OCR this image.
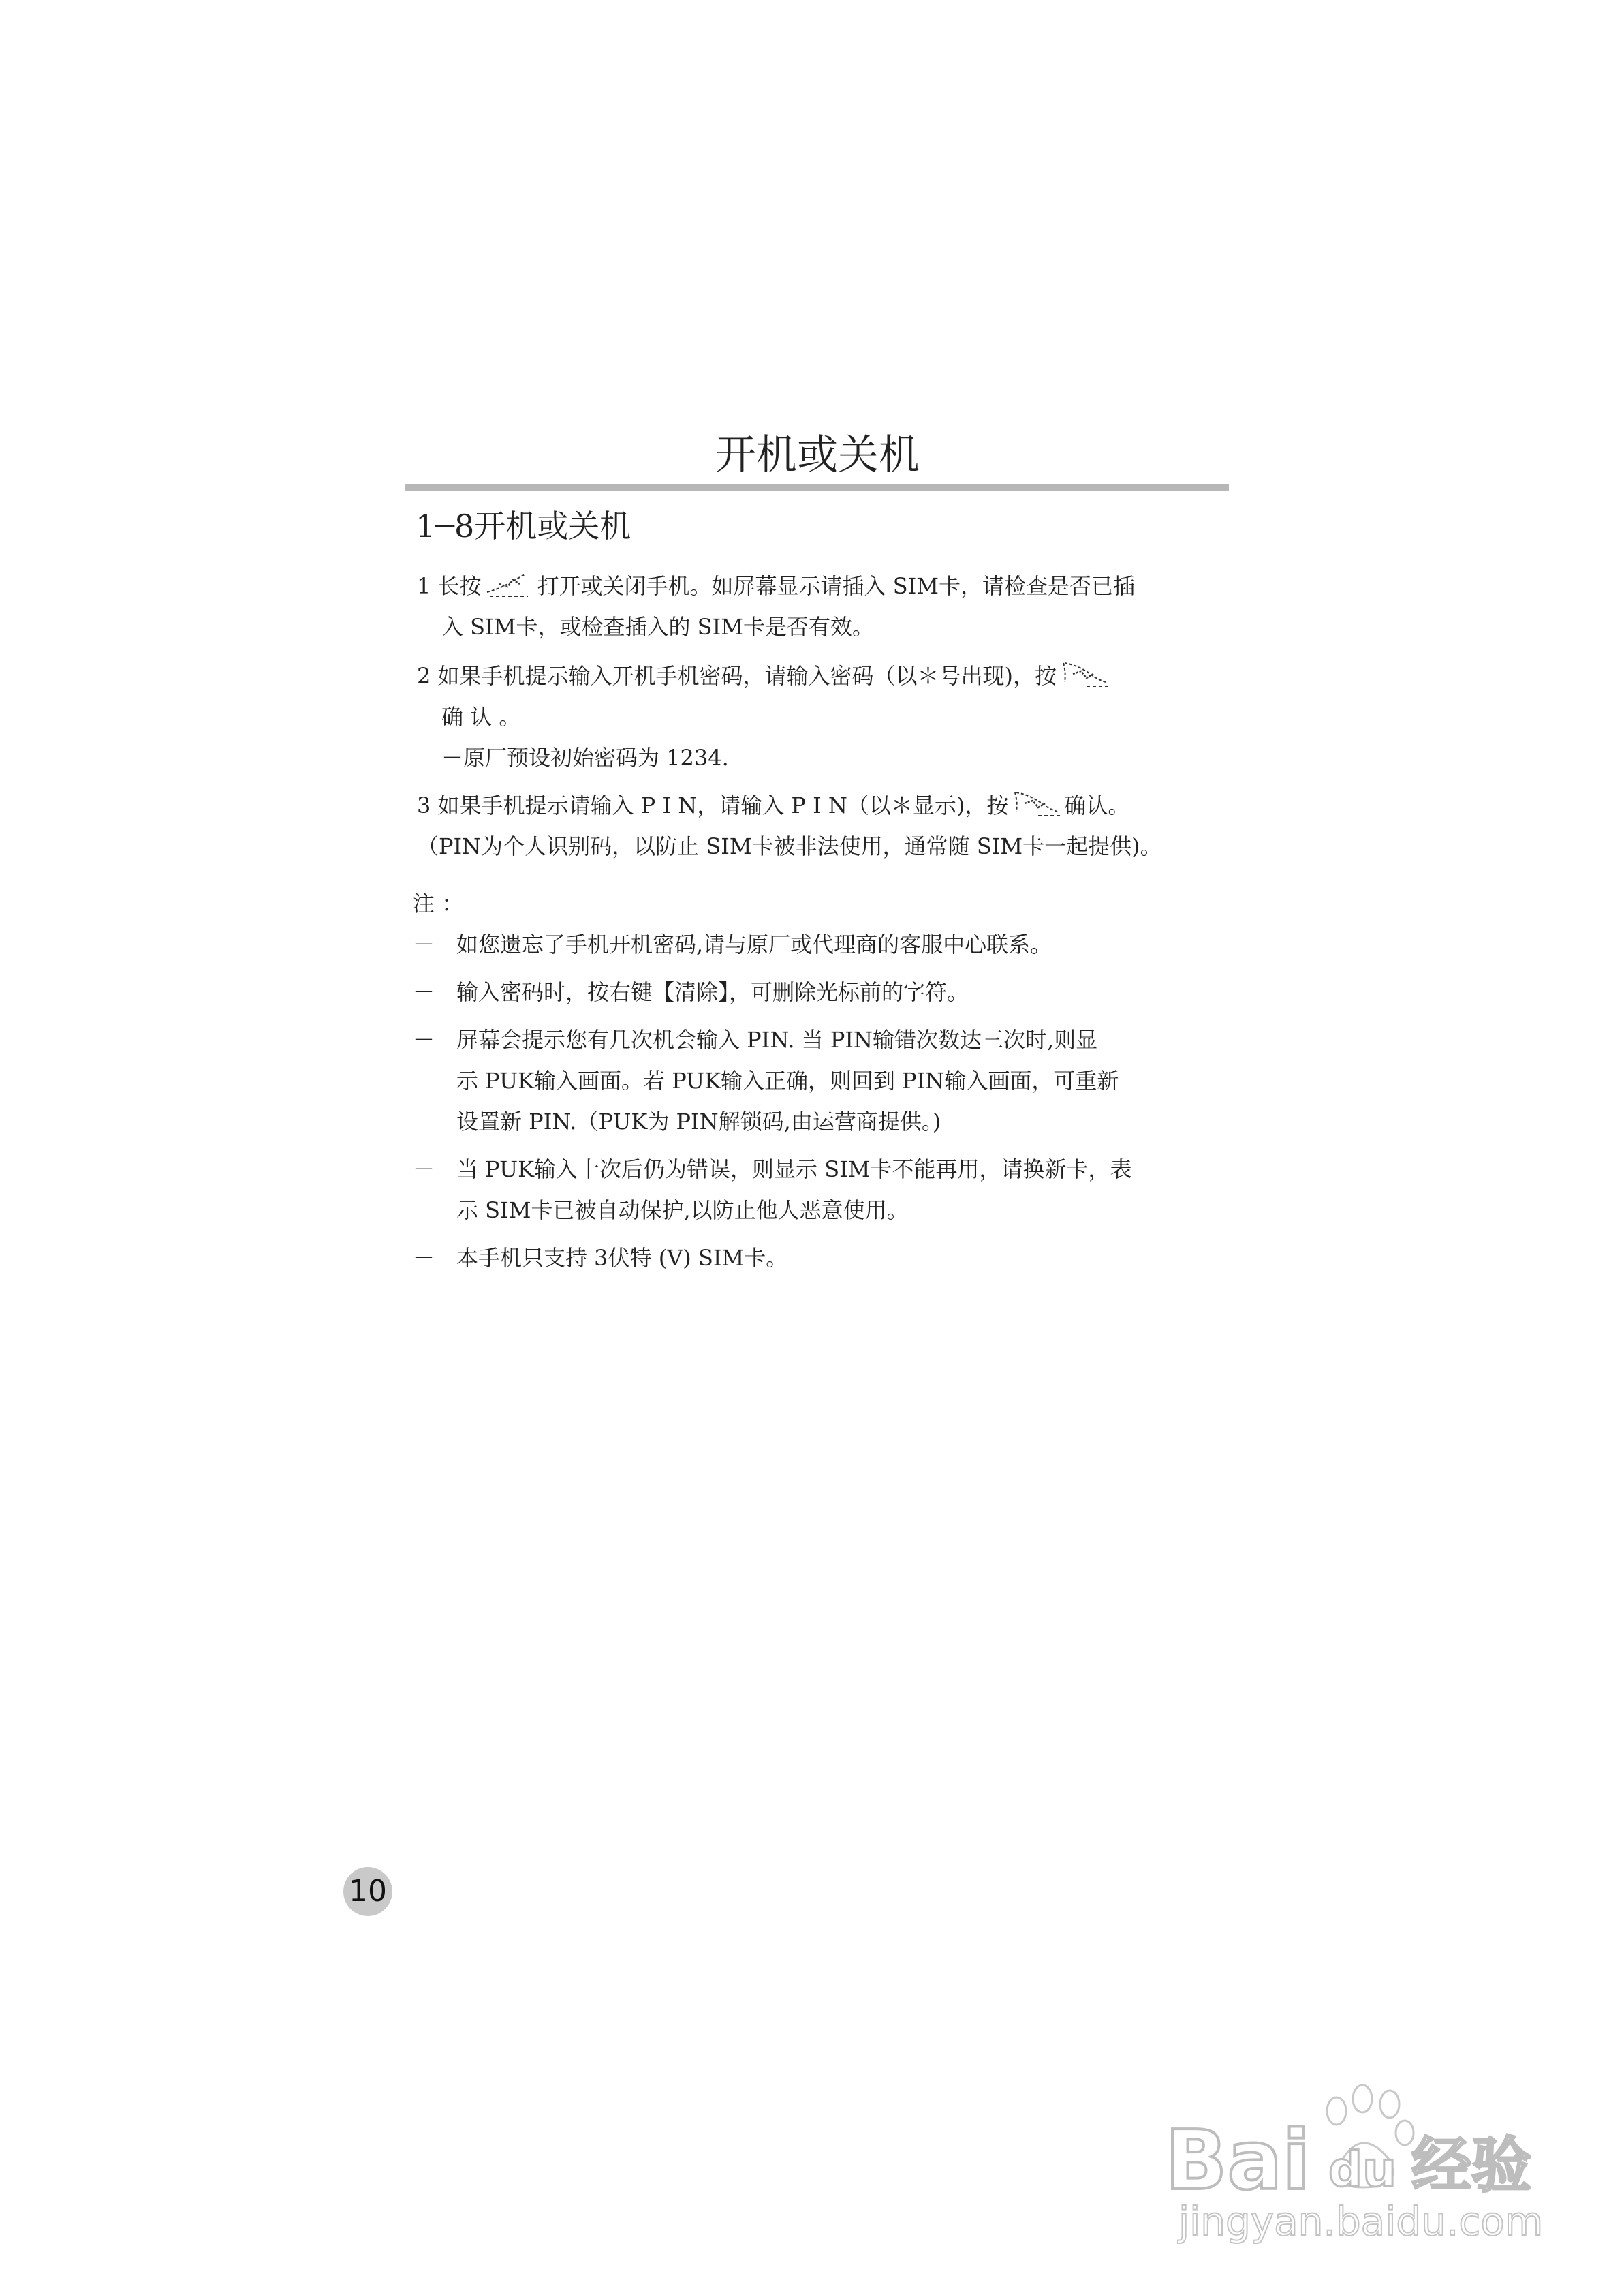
开机或关机
1─8开机或关机

1 长按	打开或关闭手机。如屏幕显示请插入 SIM卡，请检查是否已插

入 SIM卡，或检查插入的 SIM卡是否有效。

2 如果手机提示输入开机手机密码，请输入密码（以＊号出现)，按

确 认 。

－原厂预设初始密码为 1234.

3 如果手机提示请输入 P I N，请输入 P I N（以＊显示)，按	确认。

（PIN为个人识别码，以防止 SIM卡被非法使用，通常随 SIM卡一起提供)。

注 ：
－ 如您遗忘了手机开机密码,请与原厂或代理商的客服中心联系。

－ 输入密码时，按右键【清除】，可删除光标前的字符。

－ 屏幕会提示您有几次机会输入 PIN. 当 PIN输错次数达三次时,则显

示 PUK输入画面。若 PUK输入正确，则回到 PIN输入画面，可重新

设置新 PIN.（PUK为 PIN解锁码,由运营商提供。)

－ 当 PUK输入十次后仍为错误，则显示 SIM卡不能再用，请换新卡，表

示 SIM卡已被自动保护,以防止他人恶意使用。

－ 本手机只支持 3伏特 (V) SIM卡。

10
Bai du 经验
jingyan.baidu.com
